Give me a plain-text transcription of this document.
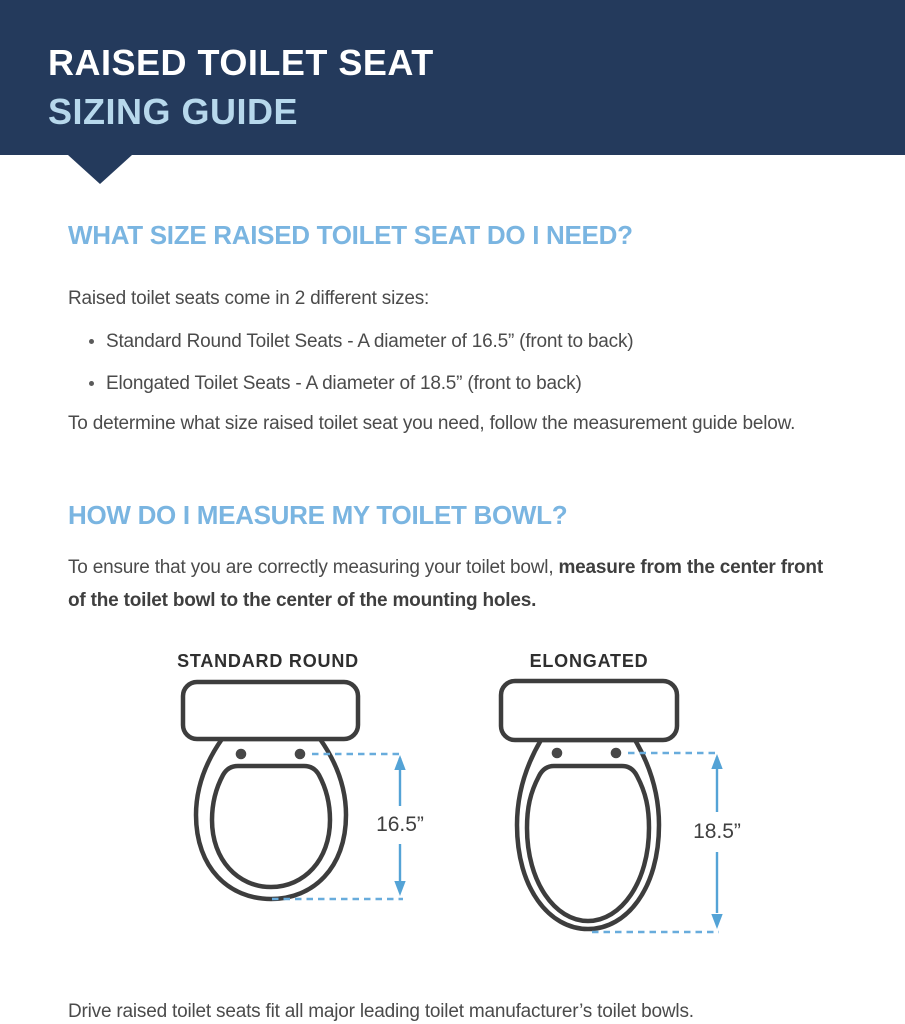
RAISED TOILET SEAT
SIZING GUIDE
WHAT SIZE RAISED TOILET SEAT DO I NEED?
Raised toilet seats come in 2 different sizes:
Standard Round Toilet Seats - A diameter of 16.5” (front to back)
Elongated Toilet Seats - A diameter of 18.5” (front to back)
To determine what size raised toilet seat you need, follow the measurement guide below.
HOW DO I MEASURE MY TOILET BOWL?
To ensure that you are correctly measuring your toilet bowl, measure from the center front of the toilet bowl to the center of the mounting holes.
STANDARD ROUND	ELONGATED
16.5”	18.5”
Drive raised toilet seats fit all major leading toilet manufacturer’s toilet bowls.
